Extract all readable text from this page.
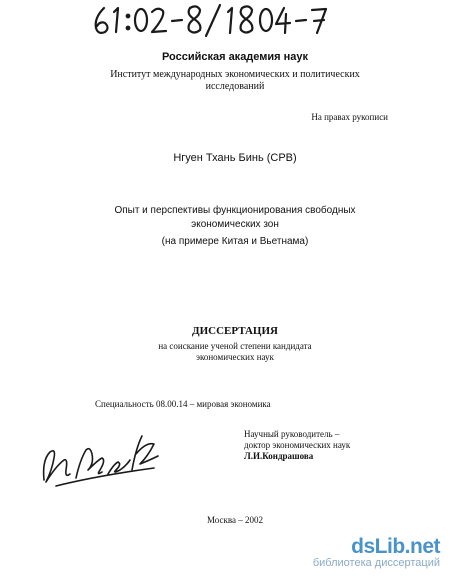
Российская академия наук
Институт международных экономических и политических
исследований
На правах рукописи
Нгуен Тхань Бинь (СРВ)
Опыт и перспективы функционирования свободных
экономических зон
(на примере Китая и Вьетнама)
ДИССЕРТАЦИЯ
на соискание ученой степени кандидата
экономических наук
Специальность 08.00.14 – мировая экономика
Научный руководитель –
доктор экономических наук
Л.И.Кондрашова
Москва – 2002
dsLib.net
библиотека диссертаций
